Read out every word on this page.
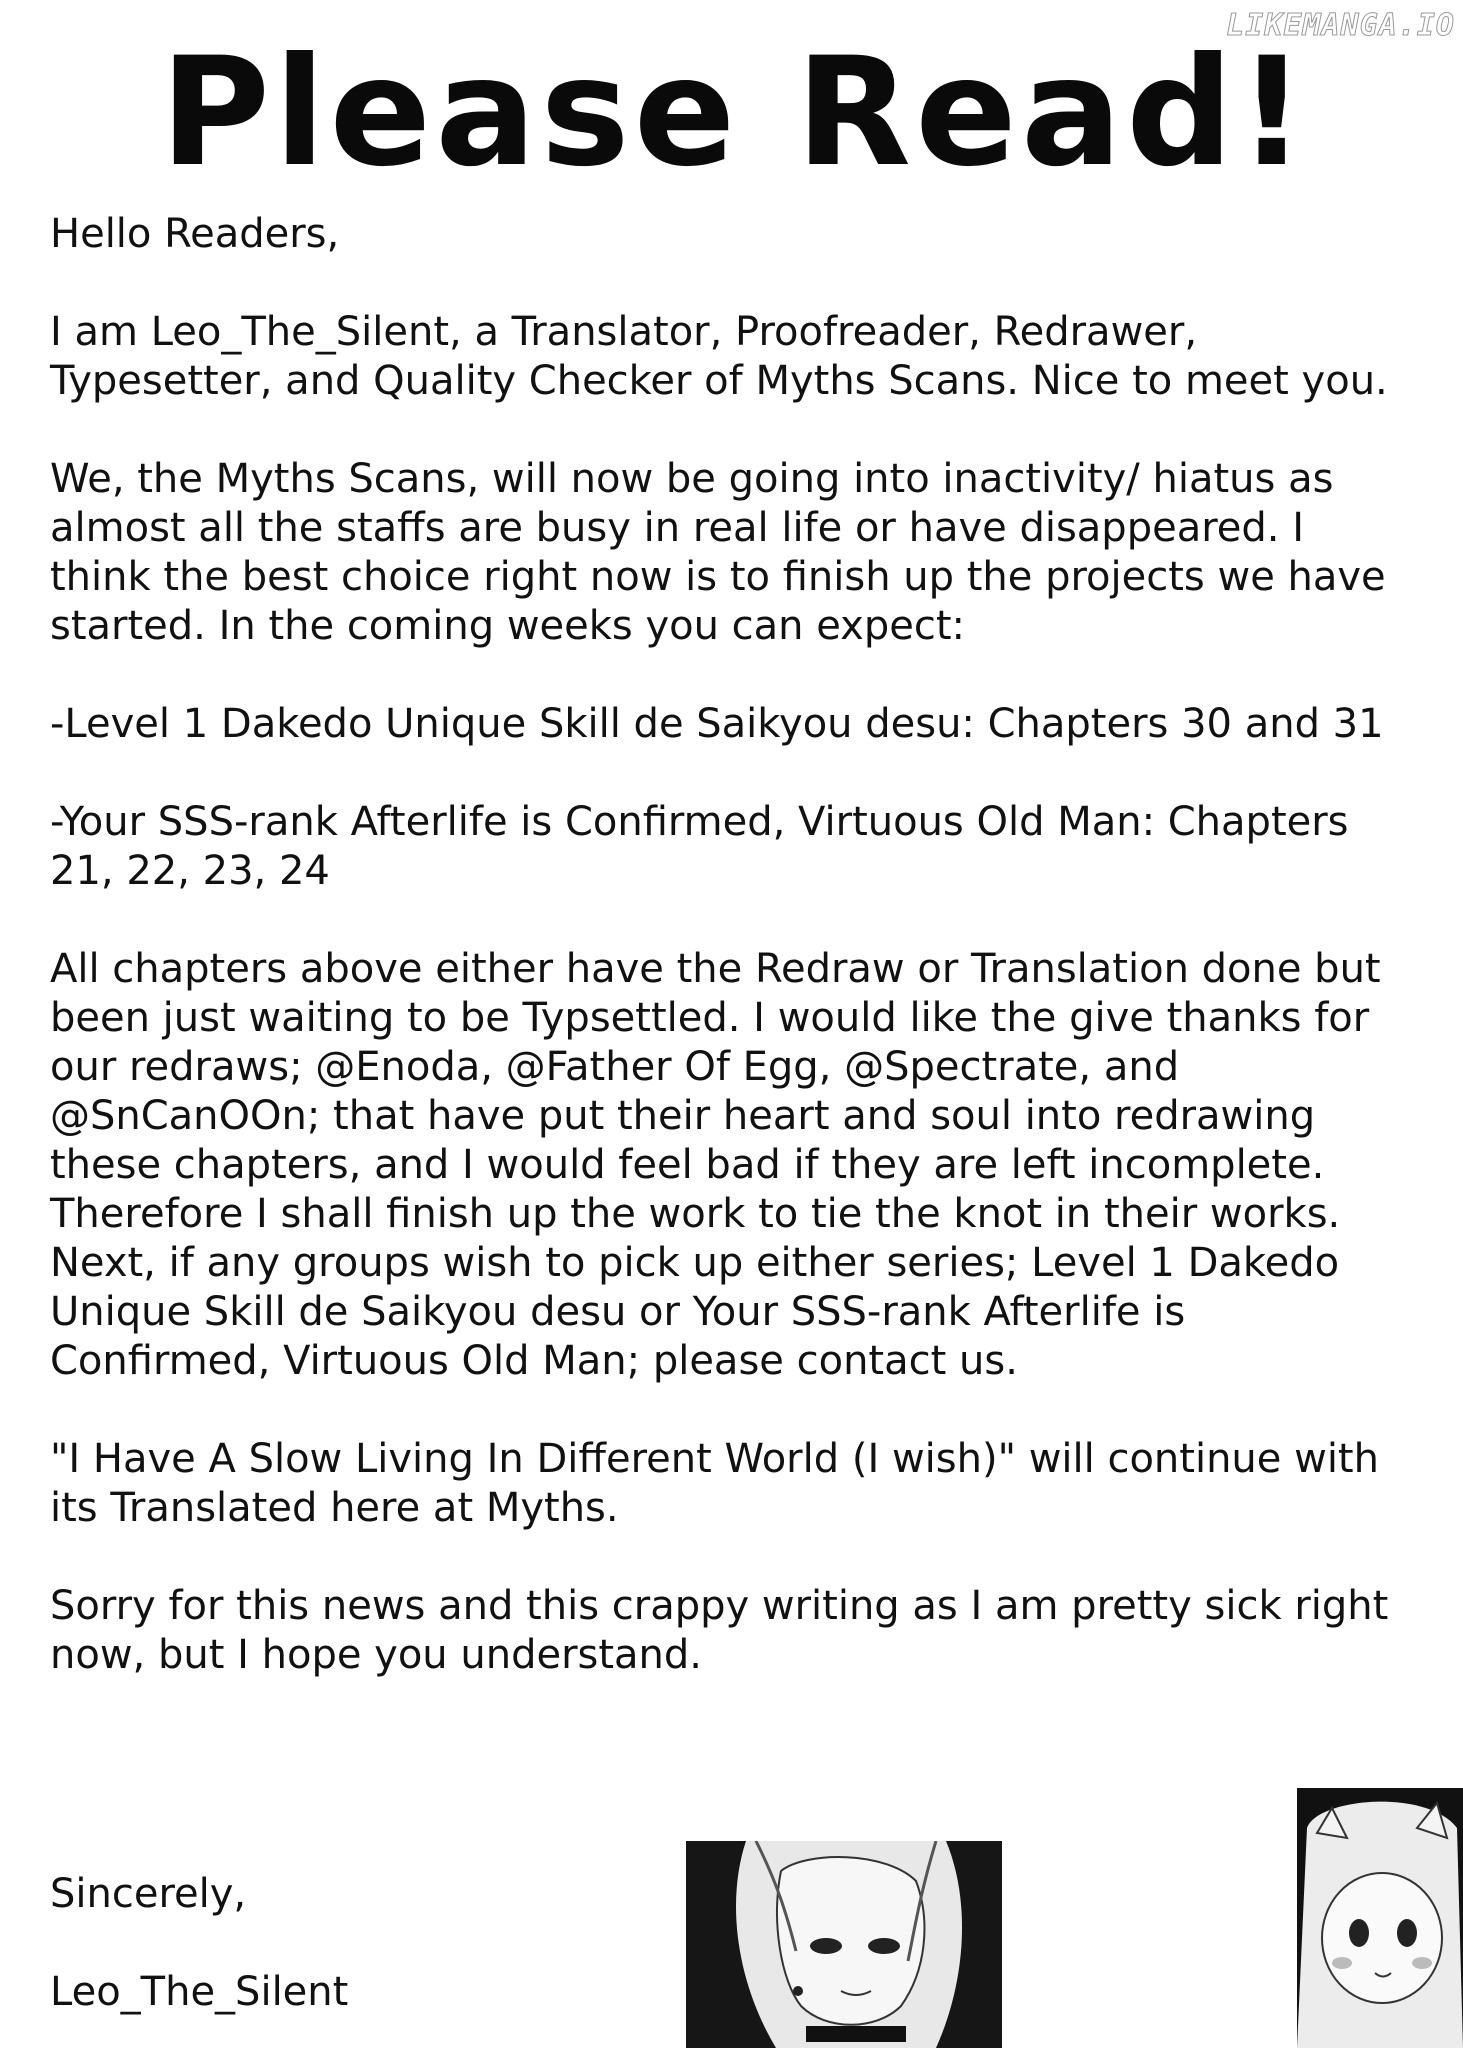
LIKEMANGA.IO
Please Read!

Hello Readers,

I am Leo_The_Silent, a Translator, Proofreader, Redrawer, Typesetter, and Quality Checker of Myths Scans. Nice to meet you.

We, the Myths Scans, will now be going into inactivity/ hiatus as almost all the staffs are busy in real life or have disappeared. I think the best choice right now is to finish up the projects we have started. In the coming weeks you can expect:

-Level 1 Dakedo Unique Skill de Saikyou desu: Chapters 30 and 31

-Your SSS-rank Afterlife is Confirmed, Virtuous Old Man: Chapters 21, 22, 23, 24

All chapters above either have the Redraw or Translation done but been just waiting to be Typsettled. I would like the give thanks for our redraws; @Enoda, @Father Of Egg, @Spectrate, and @SnCanOOn; that have put their heart and soul into redrawing these chapters, and I would feel bad if they are left incomplete. Therefore I shall finish up the work to tie the knot in their works. Next, if any groups wish to pick up either series; Level 1 Dakedo Unique Skill de Saikyou desu or Your SSS-rank Afterlife is Confirmed, Virtuous Old Man; please contact us.

"I Have A Slow Living In Different World (I wish)" will continue with its Translated here at Myths.

Sorry for this news and this crappy writing as I am pretty sick right now, but I hope you understand.

Sincerely,
Leo_The_Silent
